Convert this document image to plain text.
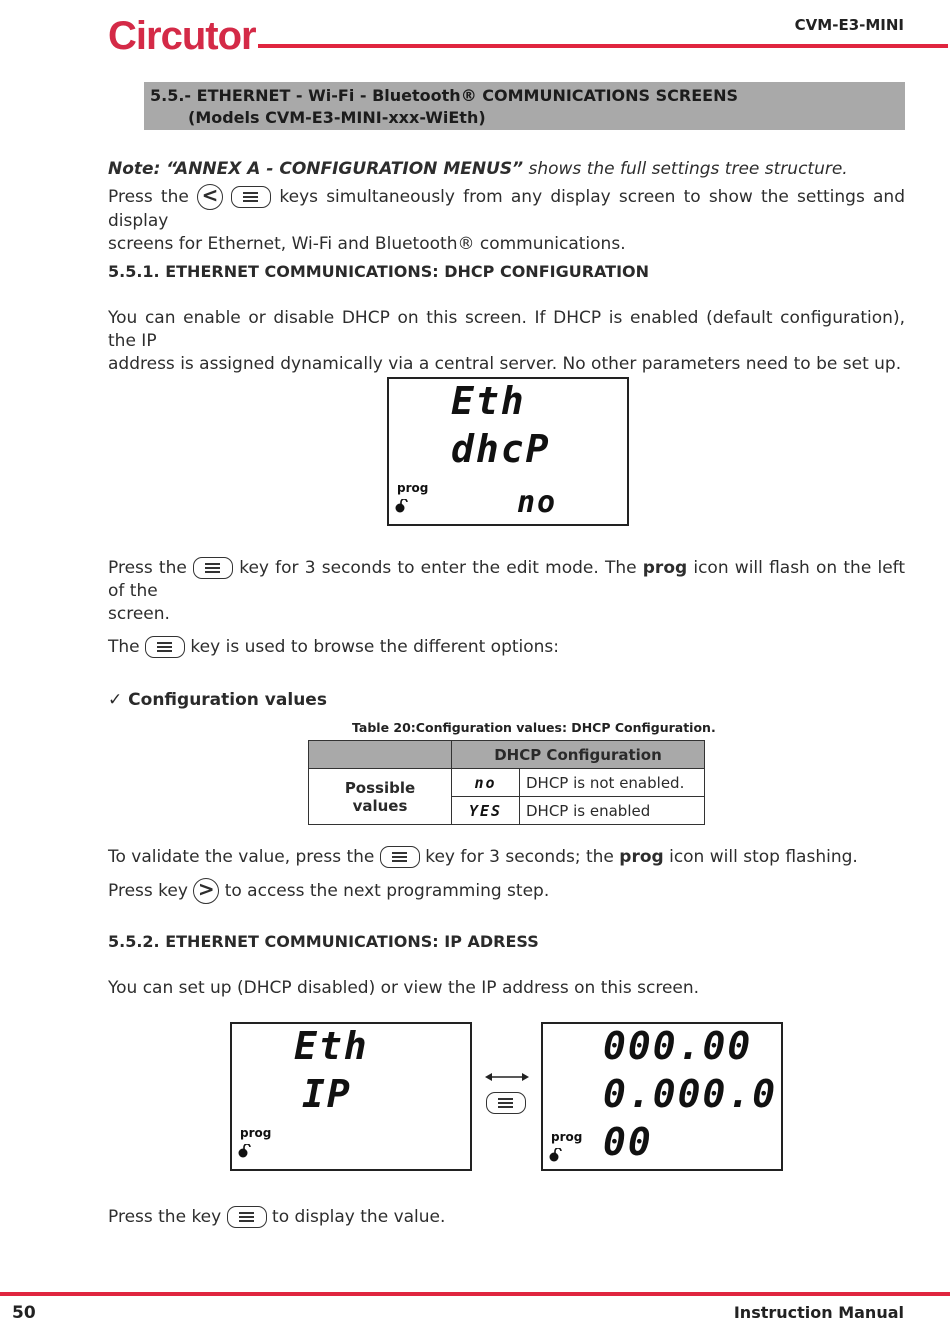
Circutor	CVM-E3-MINI
5.5.- ETHERNET - Wi-Fi - Bluetooth® COMMUNICATIONS SCREENS
(Models CVM-E3-MINI-xxx-WiEth)
Note: “ANNEX A - CONFIGURATION MENUS” shows the full settings tree structure.
Press the <	keys simultaneously from any display screen to show the settings and display
screens for Ethernet, Wi-Fi and Bluetooth® communications.
5.5.1. ETHERNET COMMUNICATIONS: DHCP CONFIGURATION
You can enable or disable DHCP on this screen. If DHCP is enabled (default configuration), the IP
address is assigned dynamically via a central server. No other parameters need to be set up.
Eth
dhcP
prog	no
Press the
key for 3 seconds to enter the edit mode. The prog icon will flash on the left of the
screen.
The
key is used to browse the different options:
✓ Configuration values
Table 20:Configuration values: DHCP Configuration.
	DHCP Configuration	
Possible values	no	DHCP is not enabled.
	YES	DHCP is enabled
To validate the value, press the
key for 3 seconds; the prog icon will stop flashing.
Press key > to access the next programming step.
5.5.2. ETHERNET COMMUNICATIONS: IP ADRESS
You can set up (DHCP disabled) or view the IP address on this screen.
Eth
IP
prog
000.00
0.000.0
prog 00
Press the key
to display the value.
50	Instruction Manual
